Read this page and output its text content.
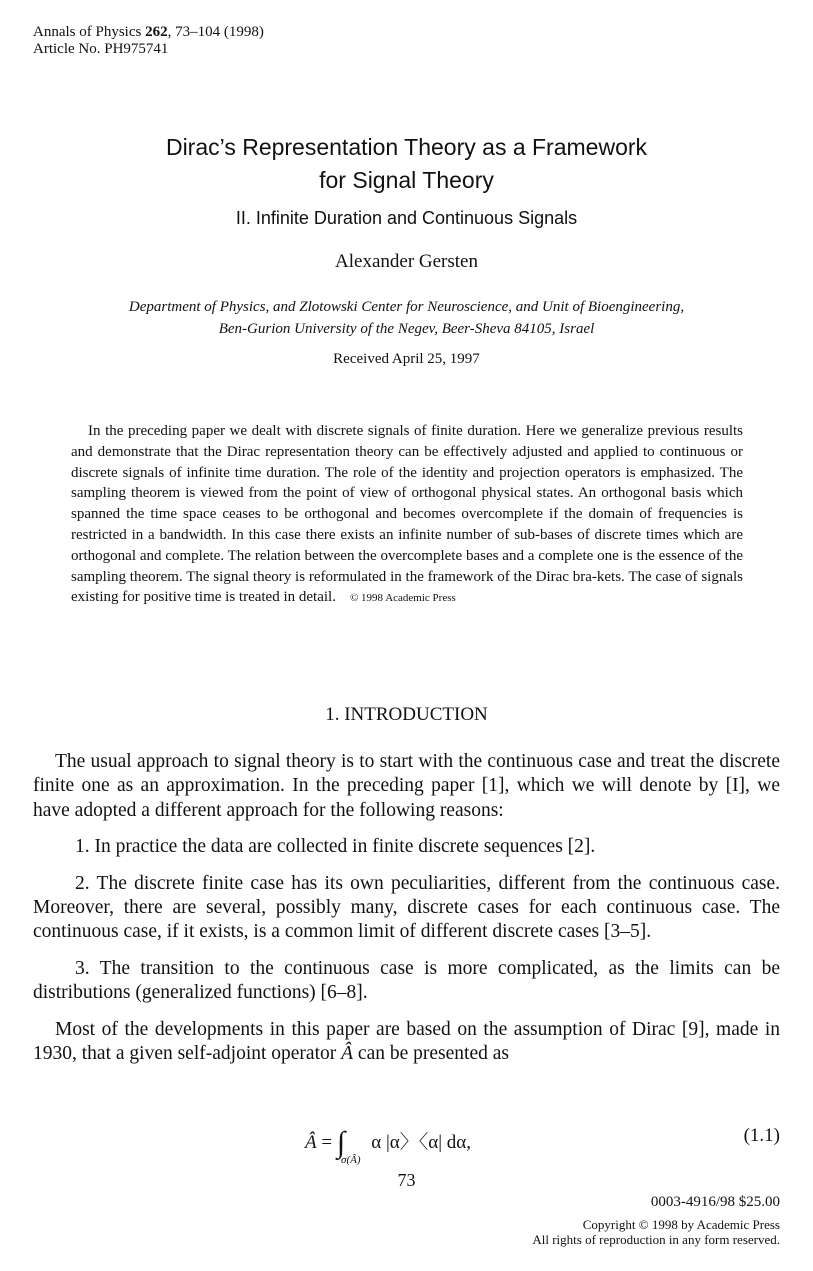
Annals of Physics 262, 73–104 (1998)
Article No. PH975741
Dirac’s Representation Theory as a Framework
for Signal Theory
II. Infinite Duration and Continuous Signals
Alexander Gersten
Department of Physics, and Zlotowski Center for Neuroscience, and Unit of Bioengineering,
Ben-Gurion University of the Negev, Beer-Sheva 84105, Israel
Received April 25, 1997

In the preceding paper we dealt with discrete signals of finite duration. Here we generalize previous results and demonstrate that the Dirac representation theory can be effectively adjusted and applied to continuous or discrete signals of infinite time duration. The role of the identity and projection operators is emphasized. The sampling theorem is viewed from the point of view of orthogonal physical states. An orthogonal basis which spanned the time space ceases to be orthogonal and becomes overcomplete if the domain of frequencies is restricted in a bandwidth. In this case there exists an infinite number of sub-bases of discrete times which are orthogonal and complete. The relation between the overcomplete bases and a complete one is the essence of the sampling theorem. The signal theory is reformulated in the framework of the Dirac bra-kets. The case of signals existing for positive time is treated in detail. © 1998 Academic Press

1. INTRODUCTION

The usual approach to signal theory is to start with the continuous case and treat the discrete finite one as an approximation. In the preceding paper [1], which we will denote by [I], we have adopted a different approach for the following reasons:

1. In practice the data are collected in finite discrete sequences [2].

2. The discrete finite case has its own peculiarities, different from the continuous case. Moreover, there are several, possibly many, discrete cases for each continuous case. The continuous case, if it exists, is a common limit of different discrete cases [3–5].

3. The transition to the continuous case is more complicated, as the limits can be distributions (generalized functions) [6–8].

Most of the developments in this paper are based on the assumption of Dirac [9], made in 1930, that a given self-adjoint operator Â can be presented as

Â = $\int_{\sigma(Â)}$ α |α〉〈α| dα,	(1.1)
73
0003-4916/98 $25.00
Copyright © 1998 by Academic Press
All rights of reproduction in any form reserved.
